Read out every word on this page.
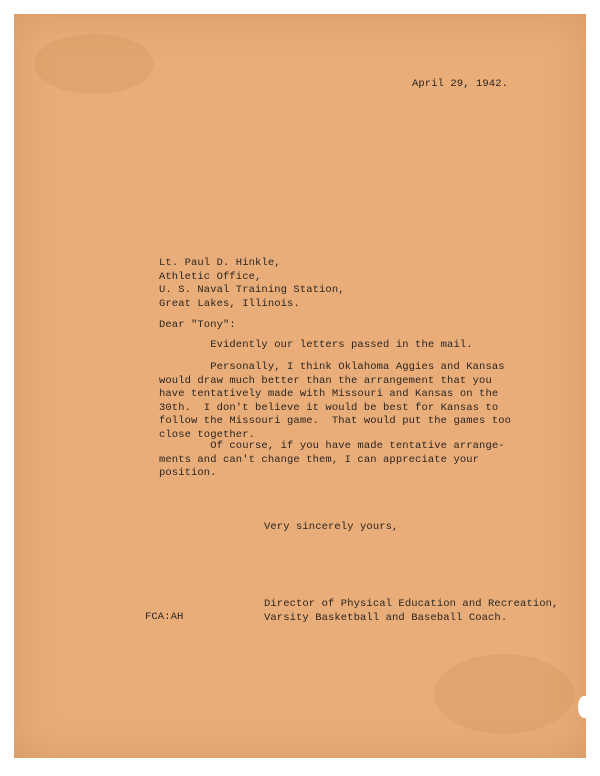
April 29, 1942.
Lt. Paul D. Hinkle,
Athletic Office,
U. S. Naval Training Station,
Great Lakes, Illinois.
Dear "Tony":
Evidently our letters passed in the mail.
Personally, I think Oklahoma Aggies and Kansas
would draw much better than the arrangement that you
have tentatively made with Missouri and Kansas on the
30th.  I don't believe it would be best for Kansas to
follow the Missouri game.  That would put the games too
close together.
Of course, if you have made tentative arrange-
ments and can't change them, I can appreciate your
position.
Very sincerely yours,
Director of Physical Education and Recreation,
Varsity Basketball and Baseball Coach.
FCA:AH
